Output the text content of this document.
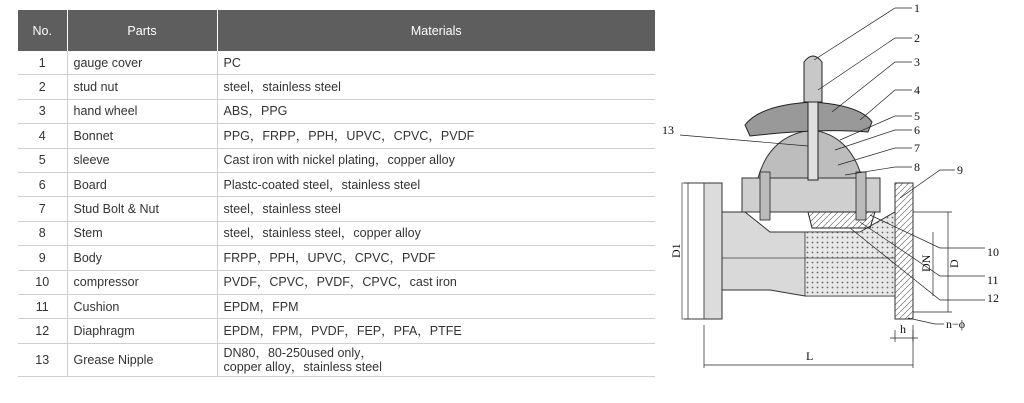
No.	Parts	Materials
1	gauge cover	PC
2	stud nut	steel，stainless steel
3	hand wheel	ABS，PPG
4	Bonnet	PPG，FRPP，PPH，UPVC，CPVC，PVDF
5	sleeve	Cast iron with nickel plating，copper alloy
6	Board	Plastc-coated steel，stainless steel
7	Stud Bolt & Nut	steel，stainless steel
8	Stem	steel，stainless steel，copper alloy
9	Body	FRPP，PPH，UPVC，CPVC，PVDF
10	compressor	PVDF，CPVC，PVDF，CPVC，cast iron
11	Cushion	EPDM，FPM
12	Diaphragm	EPDM，FPM，PVDF，FEP，PFA，PTFE
13	Grease Nipple	DN80，80-250used only，
copper alloy，stainless steel
1
2
3
4
5
6
7
8	9
10
11
12
13
D1
DN D
L
h	n−ϕ
